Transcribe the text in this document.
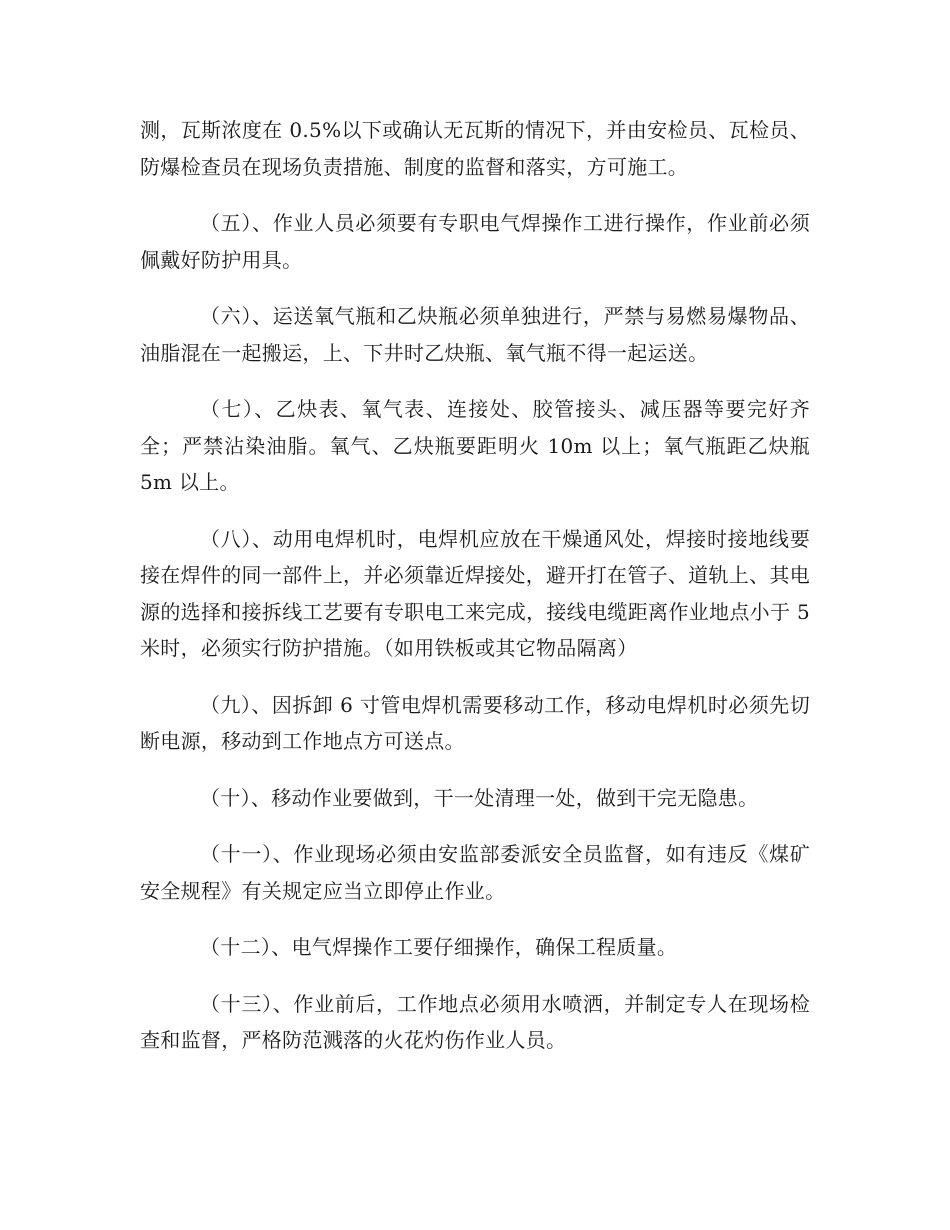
测，瓦斯浓度在 0.5%以下或确认无瓦斯的情况下，并由安检员、瓦检员、防爆检查员在现场负责措施、制度的监督和落实，方可施工。

（五）、作业人员必须要有专职电气焊操作工进行操作，作业前必须佩戴好防护用具。

（六）、运送氧气瓶和乙炔瓶必须单独进行，严禁与易燃易爆物品、油脂混在一起搬运，上、下井时乙炔瓶、氧气瓶不得一起运送。

（七）、乙炔表、氧气表、连接处、胶管接头、减压器等要完好齐全；严禁沾染油脂。氧气、乙炔瓶要距明火 10m 以上；氧气瓶距乙炔瓶 5m 以上。

（八）、动用电焊机时，电焊机应放在干燥通风处，焊接时接地线要接在焊件的同一部件上，并必须靠近焊接处，避开打在管子、道轨上、其电源的选择和接拆线工艺要有专职电工来完成，接线电缆距离作业地点小于 5 米时，必须实行防护措施。（如用铁板或其它物品隔离）

（九）、因拆卸 6 寸管电焊机需要移动工作，移动电焊机时必须先切断电源，移动到工作地点方可送点。

（十）、移动作业要做到，干一处清理一处，做到干完无隐患。

（十一）、作业现场必须由安监部委派安全员监督，如有违反《煤矿安全规程》有关规定应当立即停止作业。

（十二）、电气焊操作工要仔细操作，确保工程质量。

（十三）、作业前后，工作地点必须用水喷洒，并制定专人在现场检查和监督，严格防范溅落的火花灼伤作业人员。
